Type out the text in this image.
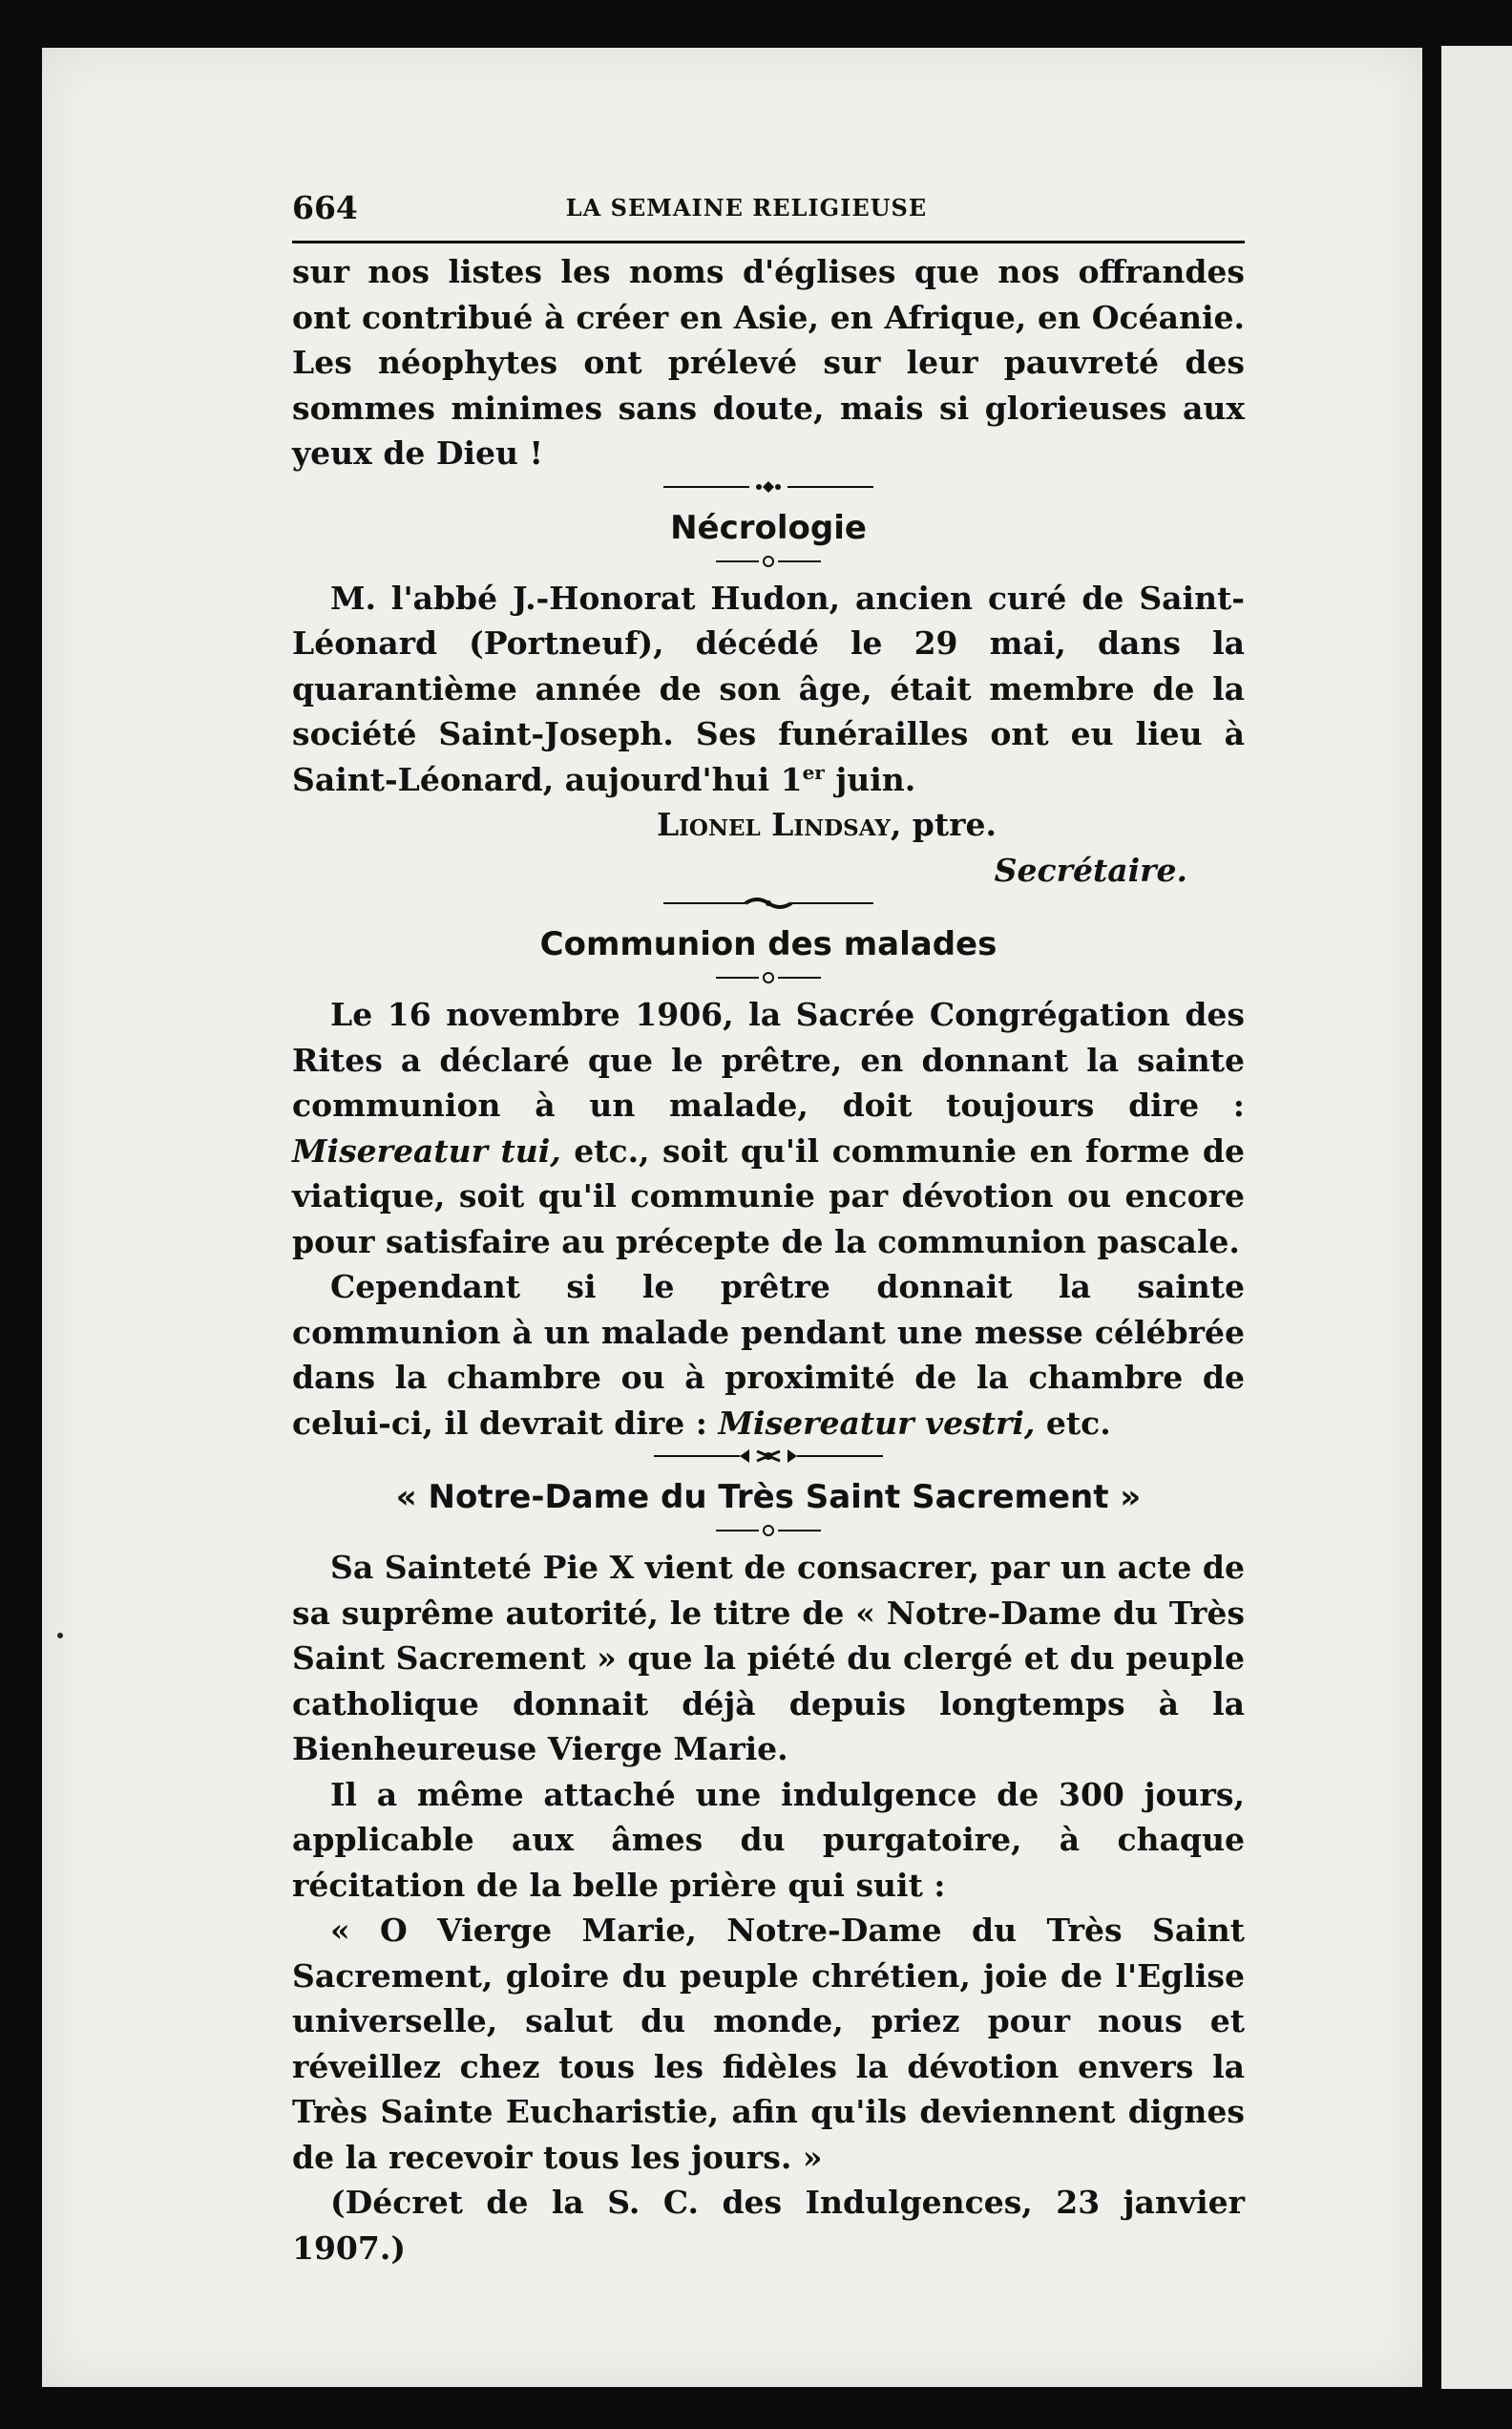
664	LA SEMAINE RELIGIEUSE

sur nos listes les noms d'églises que nos offrandes ont contribué à créer en Asie, en Afrique, en Océanie. Les néophytes ont prélevé sur leur pauvreté des sommes minimes sans doute, mais si glorieuses aux yeux de Dieu !

Nécrologie

M. l'abbé J.-Honorat Hudon, ancien curé de Saint-Léonard (Portneuf), décédé le 29 mai, dans la quarantième année de son âge, était membre de la société Saint-Joseph. Ses funérailles ont eu lieu à Saint-Léonard, aujourd'hui 1er juin.

Lionel Lindsay, ptre.
Secrétaire.
Communion des malades

Le 16 novembre 1906, la Sacrée Congrégation des Rites a déclaré que le prêtre, en donnant la sainte communion à un malade, doit toujours dire : Misereatur tui, etc., soit qu'il communie en forme de viatique, soit qu'il communie par dévotion ou encore pour satisfaire au précepte de la communion pascale.

Cependant si le prêtre donnait la sainte communion à un malade pendant une messe célébrée dans la chambre ou à proximité de la chambre de celui-ci, il devrait dire : Misereatur vestri, etc.

« Notre-Dame du Très Saint Sacrement »

Sa Sainteté Pie X vient de consacrer, par un acte de sa suprême autorité, le titre de « Notre-Dame du Très Saint Sacrement » que la piété du clergé et du peuple catholique donnait déjà depuis longtemps à la Bienheureuse Vierge Marie.

Il a même attaché une indulgence de 300 jours, applicable aux âmes du purgatoire, à chaque récitation de la belle prière qui suit :

« O Vierge Marie, Notre-Dame du Très Saint Sacrement, gloire du peuple chrétien, joie de l'Eglise universelle, salut du monde, priez pour nous et réveillez chez tous les fidèles la dévotion envers la Très Sainte Eucharistie, afin qu'ils deviennent dignes de la recevoir tous les jours. »

(Décret de la S. C. des Indulgences, 23 janvier 1907.)
